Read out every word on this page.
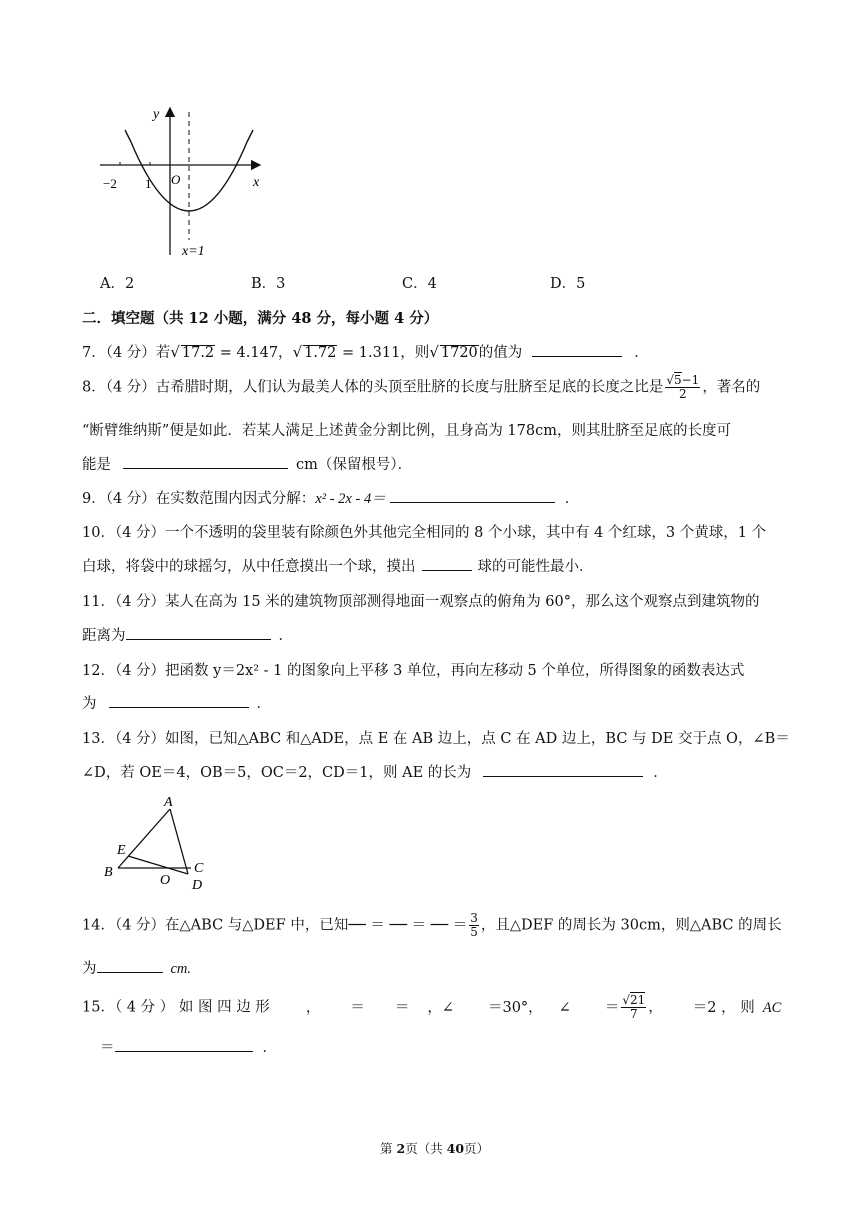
y
x
O
−2 1
x=1
A．2	B．3	C．4	D．5
二．填空题（共 12 小题，满分 48 分，每小题 4 分）
7．（4 分）若√ 17.2 = 4.147，√ 1.72 = 1.311，则√ 1720的值为	．
8．（4 分）古希腊时期，人们认为最美人体的头顶至肚脐的长度与肚脐至足底的长度之比是 $\frac{√5-1}{2}$ ，著名的
“断臂维纳斯”便是如此．若某人满足上述黄金分割比例，且身高为 178cm，则其肚脐至足底的长度可
能是	cm（保留根号）．
9．（4 分）在实数范围内因式分解：x² - 2x - 4＝	．
10．（4 分）一个不透明的袋里装有除颜色外其他完全相同的 8 个小球，其中有 4 个红球，3 个黄球，1 个
白球，将袋中的球摇匀，从中任意摸出一个球，摸出	球的可能性最小．
11．（4 分）某人在高为 15 米的建筑物顶部测得地面一观察点的俯角为 60°，那么这个观察点到建筑物的
距离为	．
12．（4 分）把函数 y＝2x² - 1 的图象向上平移 3 单位，再向左移动 5 个单位，所得图象的函数表达式
为	．
13．（4 分）如图，已知△ABC 和△ADE，点 E 在 AB 边上，点 C 在 AD 边上，BC 与 DE 交于点 O，∠B＝
∠D，若 OE＝4，OB＝5，OC＝2，CD＝1，则 AE 的长为	．
A
E
B
O
C
D
14．（4 分）在△ABC 与△DEF 中，已知── ＝ ── ＝ ── ＝ $\frac{3}{5}$ ，且△DEF 的周长为 30cm，则△ABC 的周长
为	cm.
15．（ 4 分 ） 如 图 四 边 形 ， ＝ ＝ ，∠ ＝30°， ∠ ＝ $\frac{√21}{7}$ ， ＝2 ， 则 AC
＝	．
第 2页（共 40页）
